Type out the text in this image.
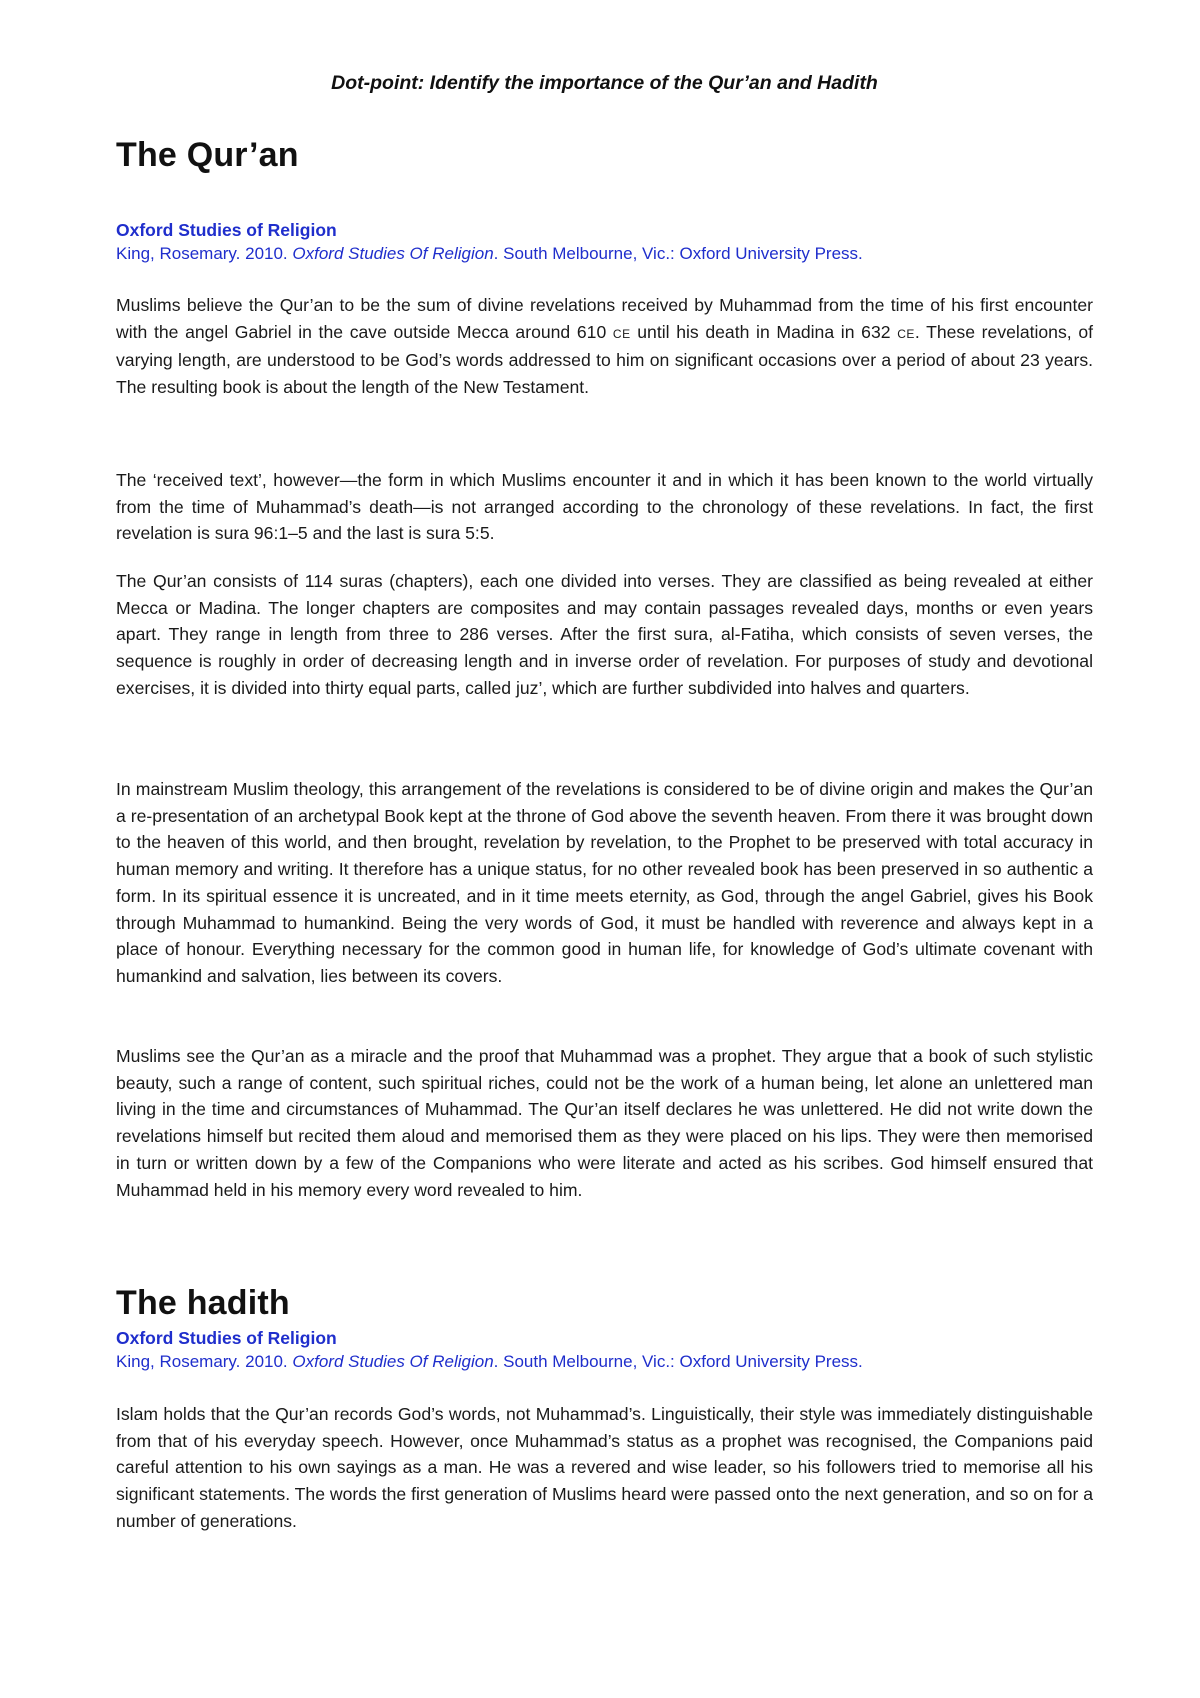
Dot-point: Identify the importance of the Qur’an and Hadith
The Qur’an
Oxford Studies of Religion
King, Rosemary. 2010. Oxford Studies Of Religion. South Melbourne, Vic.: Oxford University Press.

Muslims believe the Qur’an to be the sum of divine revelations received by Muhammad from the time of his first encounter with the angel Gabriel in the cave outside Mecca around 610 CE until his death in Madina in 632 CE. These revelations, of varying length, are understood to be God’s words addressed to him on significant occasions over a period of about 23 years. The resulting book is about the length of the New Testament.

The ‘received text’, however—the form in which Muslims encounter it and in which it has been known to the world virtually from the time of Muhammad’s death—is not arranged according to the chronology of these revelations. In fact, the first revelation is sura 96:1–5 and the last is sura 5:5.

The Qur’an consists of 114 suras (chapters), each one divided into verses. They are classified as being revealed at either Mecca or Madina. The longer chapters are composites and may contain passages revealed days, months or even years apart. They range in length from three to 286 verses. After the first sura, al-Fatiha, which consists of seven verses, the sequence is roughly in order of decreasing length and in inverse order of revelation. For purposes of study and devotional exercises, it is divided into thirty equal parts, called juz’, which are further subdivided into halves and quarters.

In mainstream Muslim theology, this arrangement of the revelations is considered to be of divine origin and makes the Qur’an a re-presentation of an archetypal Book kept at the throne of God above the seventh heaven. From there it was brought down to the heaven of this world, and then brought, revelation by revelation, to the Prophet to be preserved with total accuracy in human memory and writing. It therefore has a unique status, for no other revealed book has been preserved in so authentic a form. In its spiritual essence it is uncreated, and in it time meets eternity, as God, through the angel Gabriel, gives his Book through Muhammad to humankind. Being the very words of God, it must be handled with reverence and always kept in a place of honour. Everything necessary for the common good in human life, for knowledge of God’s ultimate covenant with humankind and salvation, lies between its covers.

Muslims see the Qur’an as a miracle and the proof that Muhammad was a prophet. They argue that a book of such stylistic beauty, such a range of content, such spiritual riches, could not be the work of a human being, let alone an unlettered man living in the time and circumstances of Muhammad. The Qur’an itself declares he was unlettered. He did not write down the revelations himself but recited them aloud and memorised them as they were placed on his lips. They were then memorised in turn or written down by a few of the Companions who were literate and acted as his scribes. God himself ensured that Muhammad held in his memory every word revealed to him.

The hadith
Oxford Studies of Religion
King, Rosemary. 2010. Oxford Studies Of Religion. South Melbourne, Vic.: Oxford University Press.

Islam holds that the Qur’an records God’s words, not Muhammad’s. Linguistically, their style was immediately distinguishable from that of his everyday speech. However, once Muhammad’s status as a prophet was recognised, the Companions paid careful attention to his own sayings as a man. He was a revered and wise leader, so his followers tried to memorise all his significant statements. The words the first generation of Muslims heard were passed onto the next generation, and so on for a number of generations.
